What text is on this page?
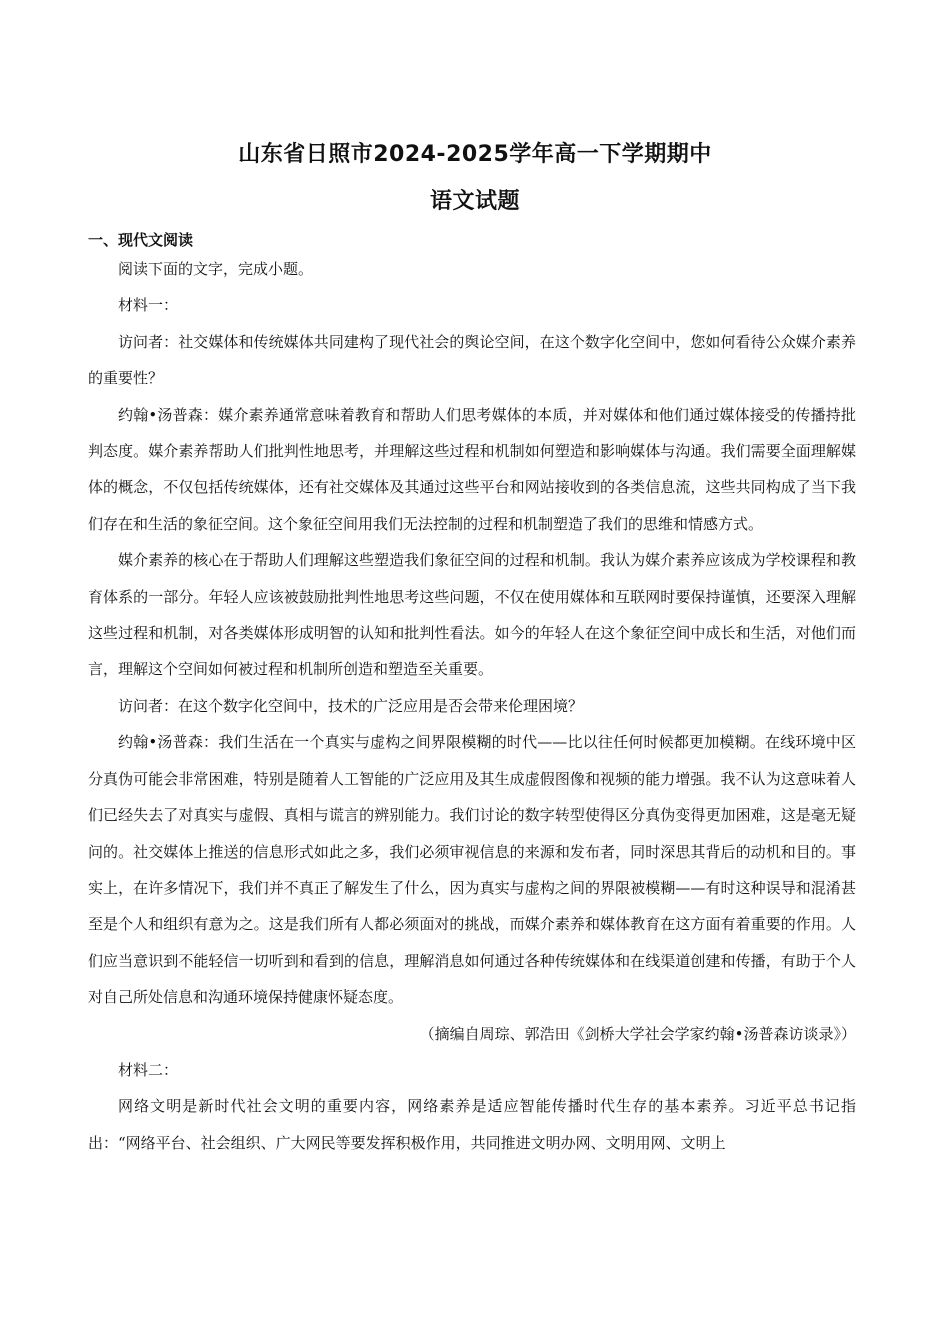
山东省日照市2024-2025学年高一下学期期中
语文试题
一、现代文阅读

阅读下面的文字，完成小题。

材料一：

访问者：社交媒体和传统媒体共同建构了现代社会的舆论空间，在这个数字化空间中，您如何看待公众媒介素养的重要性？

约翰•汤普森：媒介素养通常意味着教育和帮助人们思考媒体的本质，并对媒体和他们通过媒体接受的传播持批判态度。媒介素养帮助人们批判性地思考，并理解这些过程和机制如何塑造和影响媒体与沟通。我们需要全面理解媒体的概念，不仅包括传统媒体，还有社交媒体及其通过这些平台和网站接收到的各类信息流，这些共同构成了当下我们存在和生活的象征空间。这个象征空间用我们无法控制的过程和机制塑造了我们的思维和情感方式。

媒介素养的核心在于帮助人们理解这些塑造我们象征空间的过程和机制。我认为媒介素养应该成为学校课程和教育体系的一部分。年轻人应该被鼓励批判性地思考这些问题，不仅在使用媒体和互联网时要保持谨慎，还要深入理解这些过程和机制，对各类媒体形成明智的认知和批判性看法。如今的年轻人在这个象征空间中成长和生活，对他们而言，理解这个空间如何被过程和机制所创造和塑造至关重要。

访问者：在这个数字化空间中，技术的广泛应用是否会带来伦理困境？

约翰•汤普森：我们生活在一个真实与虚构之间界限模糊的时代——比以往任何时候都更加模糊。在线环境中区分真伪可能会非常困难，特别是随着人工智能的广泛应用及其生成虚假图像和视频的能力增强。我不认为这意味着人们已经失去了对真实与虚假、真相与谎言的辨别能力。我们讨论的数字转型使得区分真伪变得更加困难，这是毫无疑问的。社交媒体上推送的信息形式如此之多，我们必须审视信息的来源和发布者，同时深思其背后的动机和目的。事实上，在许多情况下，我们并不真正了解发生了什么，因为真实与虚构之间的界限被模糊——有时这种误导和混淆甚至是个人和组织有意为之。这是我们所有人都必须面对的挑战，而媒介素养和媒体教育在这方面有着重要的作用。人们应当意识到不能轻信一切听到和看到的信息，理解消息如何通过各种传统媒体和在线渠道创建和传播，有助于个人对自己所处信息和沟通环境保持健康怀疑态度。

（摘编自周琮、郭浩田《剑桥大学社会学家约翰•汤普森访谈录》）

材料二：

网络文明是新时代社会文明的重要内容，网络素养是适应智能传播时代生存的基本素养。习近平总书记指出：“网络平台、社会组织、广大网民等要发挥积极作用，共同推进文明办网、文明用网、文明上
